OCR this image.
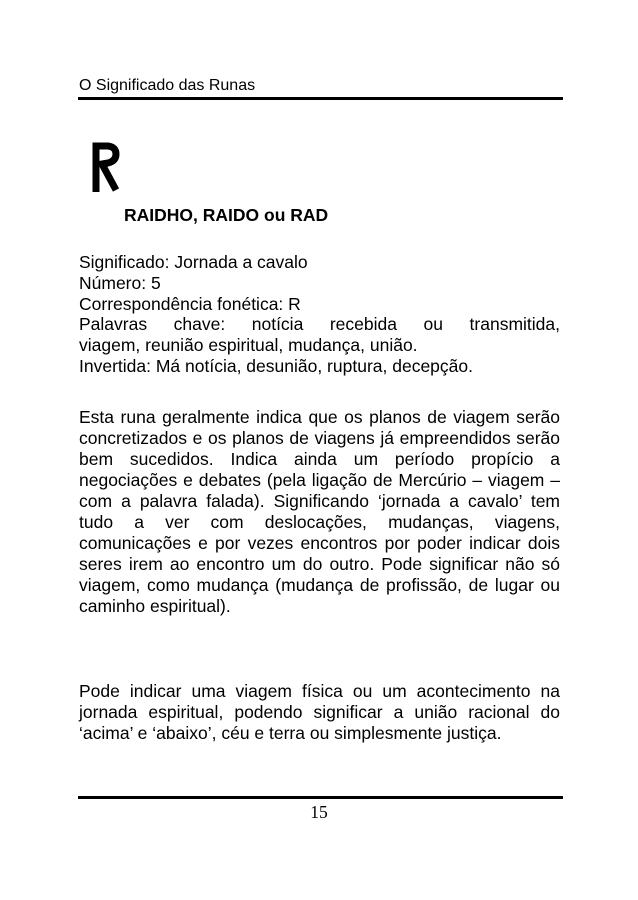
O Significado das Runas
RAIDHO, RAIDO ou RAD
Significado: Jornada a cavalo
Número: 5
Correspondência fonética: R
Palavras chave: notícia recebida ou transmitida,
viagem, reunião espiritual, mudança, união.
Invertida: Má notícia, desunião, ruptura, decepção.

Esta runa geralmente indica que os planos de viagem serão concretizados e os planos de viagens já empreendidos serão bem sucedidos. Indica ainda um período propício a negociações e debates (pela ligação de Mercúrio – viagem – com a palavra falada). Significando ‘jornada a cavalo’ tem tudo a ver com deslocações, mudanças, viagens, comunicações e por vezes encontros por poder indicar dois seres irem ao encontro um do outro. Pode significar não só viagem, como mudança (mudança de profissão, de lugar ou caminho espiritual).

Pode indicar uma viagem física ou um acontecimento na jornada espiritual, podendo significar a união racional do ‘acima’ e ‘abaixo’, céu e terra ou simplesmente justiça.

15
